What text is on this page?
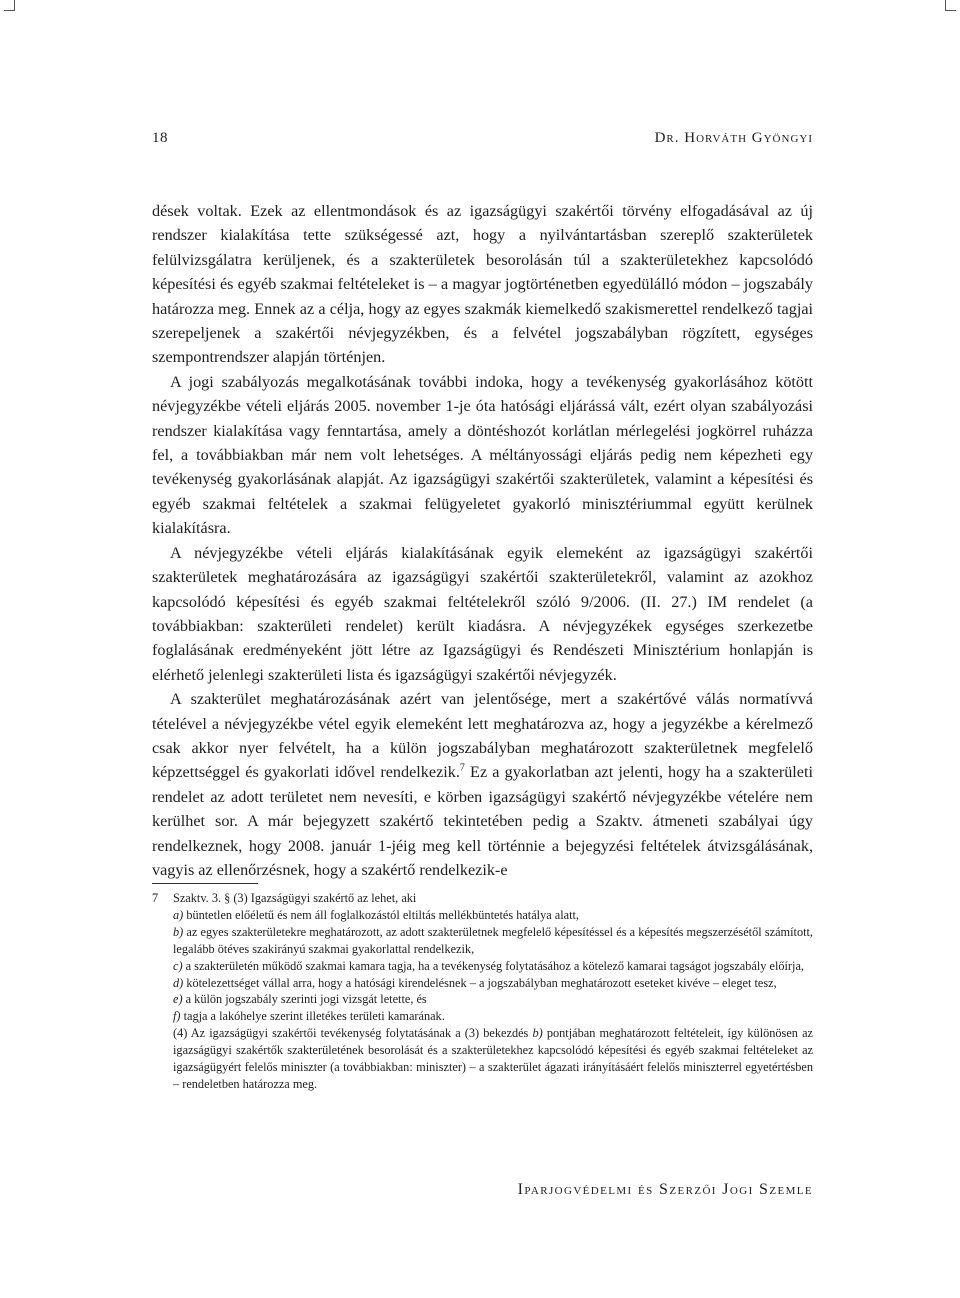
18	Dr. Horváth Gyöngyi

dések voltak. Ezek az ellentmondások és az igazságügyi szakértői törvény elfogadásával az új rendszer kialakítása tette szükségessé azt, hogy a nyilvántartásban szereplő szakterületek felülvizsgálatra kerüljenek, és a szakterületek besorolásán túl a szakterületekhez kapcsolódó képesítési és egyéb szakmai feltételeket is – a magyar jogtörténetben egyedülálló módon – jogszabály határozza meg. Ennek az a célja, hogy az egyes szakmák kiemelkedő szakismerettel rendelkező tagjai szerepeljenek a szakértői névjegyzékben, és a felvétel jogszabályban rögzített, egységes szempontrendszer alapján történjen.

A jogi szabályozás megalkotásának további indoka, hogy a tevékenység gyakorlásához kötött névjegyzékbe vételi eljárás 2005. november 1-je óta hatósági eljárássá vált, ezért olyan szabályozási rendszer kialakítása vagy fenntartása, amely a döntéshozót korlátlan mérlegelési jogkörrel ruházza fel, a továbbiakban már nem volt lehetséges. A méltányossági eljárás pedig nem képezheti egy tevékenység gyakorlásának alapját. Az igazságügyi szakértői szakterületek, valamint a képesítési és egyéb szakmai feltételek a szakmai felügyeletet gyakorló minisztériummal együtt kerülnek kialakításra.

A névjegyzékbe vételi eljárás kialakításának egyik elemeként az igazságügyi szakértői szakterületek meghatározására az igazságügyi szakértői szakterületekről, valamint az azokhoz kapcsolódó képesítési és egyéb szakmai feltételekről szóló 9/2006. (II. 27.) IM rendelet (a továbbiakban: szakterületi rendelet) került kiadásra. A névjegyzékek egységes szerkezetbe foglalásának eredményeként jött létre az Igazságügyi és Rendészeti Minisztérium honlapján is elérhető jelenlegi szakterületi lista és igazságügyi szakértői névjegyzék.

A szakterület meghatározásának azért van jelentősége, mert a szakértővé válás normatívvá tételével a névjegyzékbe vétel egyik elemeként lett meghatározva az, hogy a jegyzékbe a kérelmező csak akkor nyer felvételt, ha a külön jogszabályban meghatározott szakterületnek megfelelő képzettséggel és gyakorlati idővel rendelkezik.$^7$ Ez a gyakorlatban azt jelenti, hogy ha a szakterületi rendelet az adott területet nem nevesíti, e körben igazságügyi szakértő névjegyzékbe vételére nem kerülhet sor. A már bejegyzett szakértő tekintetében pedig a Szaktv. átmeneti szabályai úgy rendelkeznek, hogy 2008. január 1-jéig meg kell történnie a bejegyzési feltételek átvizsgálásának, vagyis az ellenőrzésnek, hogy a szakértő rendelkezik-e

7 Szaktv. 3. § (3) Igazságügyi szakértő az lehet, aki

a) büntetlen előéletű és nem áll foglalkozástól eltiltás mellékbüntetés hatálya alatt,

b) az egyes szakterületekre meghatározott, az adott szakterületnek megfelelő képesítéssel és a képesítés megszerzésétől számított, legalább ötéves szakirányú szakmai gyakorlattal rendelkezik,

c) a szakterületén működő szakmai kamara tagja, ha a tevékenység folytatásához a kötelező kamarai tagságot jogszabály előírja,

d) kötelezettséget vállal arra, hogy a hatósági kirendelésnek – a jogszabályban meghatározott eseteket kivéve – eleget tesz,

e) a külön jogszabály szerinti jogi vizsgát letette, és

f) tagja a lakóhelye szerint illetékes területi kamarának.

(4) Az igazságügyi szakértői tevékenység folytatásának a (3) bekezdés b) pontjában meghatározott feltételeit, így különösen az igazságügyi szakértők szakterületének besorolását és a szakterületekhez kapcsolódó képesítési és egyéb szakmai feltételeket az igazságügyért felelős miniszter (a továbbiakban: miniszter) – a szakterület ágazati irányításáért felelős miniszterrel egyetértésben – rendeletben határozza meg.

Iparjogvédelmi és Szerzői Jogi Szemle
